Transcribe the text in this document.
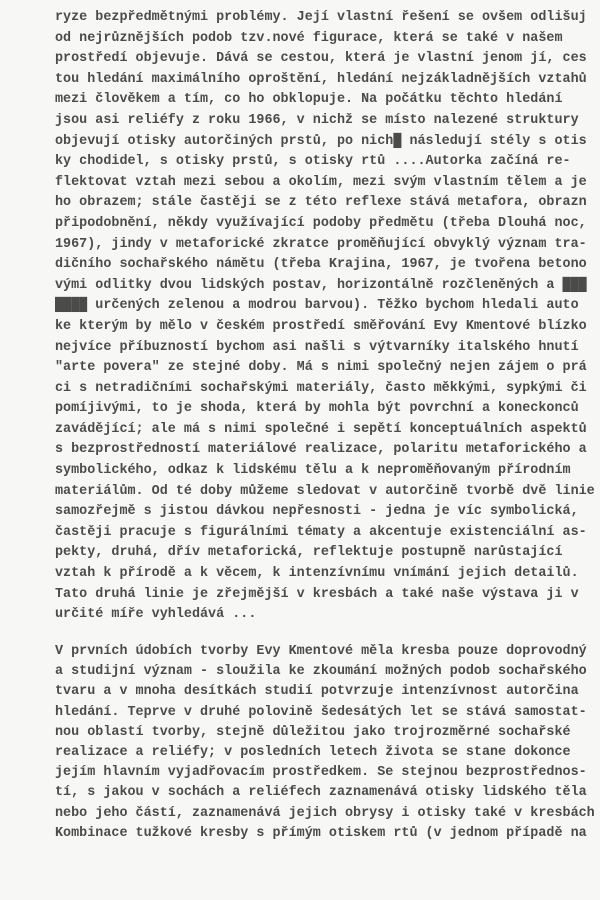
ryze bezpředmětnými problémy. Její vlastní řešení se ovšem odlišuj
od nejrůznějších podob tzv.nové figurace, která se také v našem
prostředí objevuje. Dává se cestou, která je vlastní jenom jí, ces
tou hledání maximálního oproštění, hledání nejzákladnějších vztahů
mezi člověkem a tím, co ho obklopuje. Na počátku těchto hledání
jsou asi reliéfy z roku 1966, v nichž se místo nalezené struktury
objevují otisky autorčiných prstů, po nich█ následují stély s otis
ky chodidel, s otisky prstů, s otisky rtů ....Autorka začíná re-
flektovat vztah mezi sebou a okolím, mezi svým vlastním tělem a je
ho obrazem; stále častěji se z této reflexe stává metafora, obrazn
připodobnění, někdy využívající podoby předmětu (třeba Dlouhá noc,
1967), jindy v metaforické zkratce proměňující obvyklý význam tra-
dičního sochařského námětu (třeba Krajina, 1967, je tvořena betono
vými odlitky dvou lidských postav, horizontálně rozčleněných a ███
████ určených zelenou a modrou barvou). Těžko bychom hledali auto
ke kterým by mělo v českém prostředí směřování Evy Kmentové blízko
nejvíce příbuzností bychom asi našli s výtvarníky italského hnutí
"arte povera" ze stejné doby. Má s nimi společný nejen zájem o prá
ci s netradičními sochařskými materiály, často měkkými, sypkými či
pomíjivými, to je shoda, která by mohla být povrchní a koneckonců
zavádějící; ale má s nimi společné i sepětí konceptuálních aspektů
s bezprostředností materiálové realizace, polaritu metaforického a
symbolického, odkaz k lidskému tělu a k neproměňovaným přírodním
materiálům. Od té doby můžeme sledovat v autorčině tvorbě dvě linie
samozřejmě s jistou dávkou nepřesnosti - jedna je víc symbolická,
častěji pracuje s figurálními tématy a akcentuje existenciální as-
pekty, druhá, dřív metaforická, reflektuje postupně narůstající
vztah k přírodě a k věcem, k intenzívnímu vnímání jejich detailů.
Tato druhá linie je zřejmější v kresbách a také naše výstava ji v
určité míře vyhledává ...
V prvních údobích tvorby Evy Kmentové měla kresba pouze doprovodný
a studijní význam - sloužila ke zkoumání možných podob sochařského
tvaru a v mnoha desítkách studií potvrzuje intenzívnost autorčina
hledání. Teprve v druhé polovině šedesátých let se stává samostat-
nou oblastí tvorby, stejně důležitou jako trojrozměrné sochařské
realizace a reliéfy; v posledních letech života se stane dokonce
jejím hlavním vyjadřovacím prostředkem. Se stejnou bezprostřednos-
tí, s jakou v sochách a reliéfech zaznamenává otisky lidského těla
nebo jeho částí, zaznamenává jejich obrysy i otisky také v kresbách
Kombinace tužkové kresby s přímým otiskem rtů (v jednom případě na
